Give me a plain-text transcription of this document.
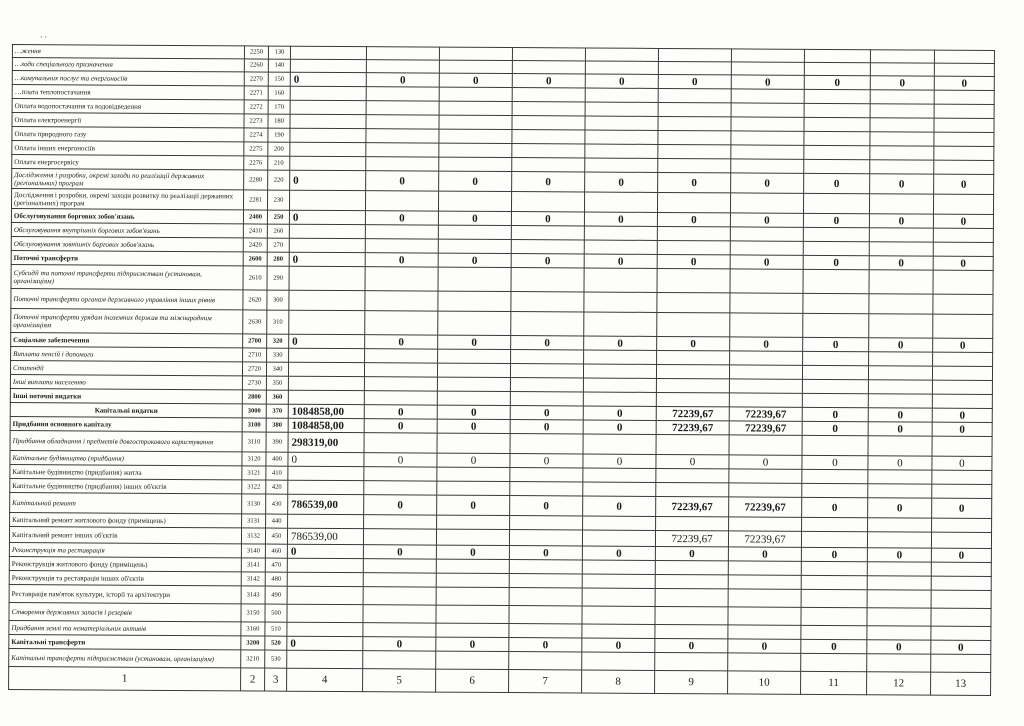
· ·
…ження	2250	130										
…ходи спеціального призначення	2260	140										
…комунальних послуг та енергоносіїв	2270	150	0	0	0	0	0	0	0	0	0	0
…плата теплопостачання	2271	160										
Оплата водопостачання та водовідведення	2272	170										
Оплата електроенергії	2273	180										
Оплата природного газу	2274	190										
Оплата інших енергоносіїв	2275	200										
Оплата енергосервісу	2276	210										
Дослідження і розробки, окремі заходи по реалізації державних (регіональних) програм	2280	220	0	0	0	0	0	0	0	0	0	0
Дослідження і розробки, окремі заходи розвитку по реалізації державних (регіональних) програм	2281	230										
Обслуговування боргових зобов'язань	2400	250	0	0	0	0	0	0	0	0	0	0
Обслуговування внутрішніх боргових зобов'язань	2410	260										
Обслуговування зовнішніх боргових зобов'язань	2420	270										
Поточні трансферти	2600	280	0	0	0	0	0	0	0	0	0	0
Субсидії та поточні трансферти підприємствам (установам, організаціям)	2610	290										
Поточні трансферти органам державного управління інших рівнів	2620	300										
Поточні трансферти урядам іноземних держав та міжнародним організаціям	2630	310										
Соціальне забезпечення	2700	320	0	0	0	0	0	0	0	0	0	0
Виплата пенсій і допомоги	2710	330										
Стипендії	2720	340										
Інші виплати населенню	2730	350										
Інші поточні видатки	2800	360										
Капітальні видатки	3000	370	1084858,00	0	0	0	0	72239,67	72239,67	0	0	0
Придбання основного капіталу	3100	380	1084858,00	0	0	0	0	72239,67	72239,67	0	0	0
Придбання обладнання і предметів довгострокового користування	3110	390	298319,00									
Капітальне будівництво (придбання)	3120	400	0	0	0	0	0	0	0	0	0	0
Капітальне будівництво (придбання) житла	3121	410										
Капітальне будівництво (придбання) інших об'єктів	3122	420										
Капітальний ремонт	3130	430	786539,00	0	0	0	0	72239,67	72239,67	0	0	0
Капітальний ремонт житлового фонду (приміщень)	3131	440										
Капітальний ремонт інших об'єктів	3132	450	786539,00					72239,67	72239,67			
Реконструкція та реставрація	3140	460	0	0	0	0	0	0	0	0	0	0
Реконструкція житлового фонду (приміщень)	3141	470										
Реконструкція та реставрація інших об'єктів	3142	480										
Реставрація пам'яток культури, історії та архітектури	3143	490										
Створення державних запасів і резервів	3150	500										
Придбання землі та нематеріальних активів	3160	510										
Капітальні трансферти	3200	520	0	0	0	0	0	0	0	0	0	0
Капітальні трансферти підприємствам (установам, організаціям)	3210	530										
1	2	3	4	5	6	7	8	9	10	11	12	13
